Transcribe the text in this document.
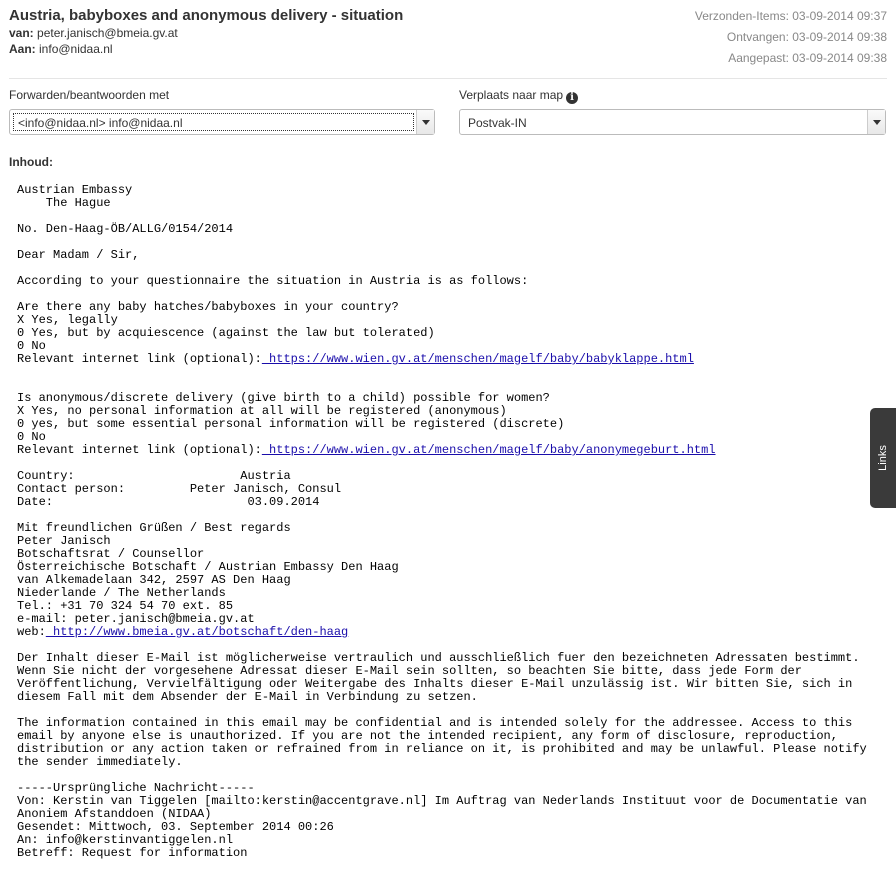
Austria, babyboxes and anonymous delivery - situation
van: peter.janisch@bmeia.gv.at
Aan: info@nidaa.nl
Verzonden-Items: 03-09-2014 09:37
Ontvangen: 03-09-2014 09:38
Aangepast: 03-09-2014 09:38
Forwarden/beantwoorden met
<info@nidaa.nl> info@nidaa.nl
Verplaats naar map i
Postvak-IN
Inhoud:
Austrian Embassy
The Hague

No. Den-Haag-ÖB/ALLG/0154/2014

Dear Madam / Sir,

According to your questionnaire the situation in Austria is as follows:

Are there any baby hatches/babyboxes in your country?
X Yes, legally
0 Yes, but by acquiescence (against the law but tolerated)
0 No
Relevant internet link (optional): https://www.wien.gv.at/menschen/magelf/baby/babyklappe.html

Is anonymous/discrete delivery (give birth to a child) possible for women?
X Yes, no personal information at all will be registered (anonymous)
0 yes, but some essential personal information will be registered (discrete)
0 No
Relevant internet link (optional): https://www.wien.gv.at/menschen/magelf/baby/anonymegeburt.html

Country:                       Austria
Contact person:         Peter Janisch, Consul
Date:                           03.09.2014

Mit freundlichen Grüßen / Best regards
Peter Janisch
Botschaftsrat / Counsellor
Österreichische Botschaft / Austrian Embassy Den Haag
van Alkemadelaan 342, 2597 AS Den Haag
Niederlande / The Netherlands
Tel.: +31 70 324 54 70 ext. 85
e-mail: peter.janisch@bmeia.gv.at
web: http://www.bmeia.gv.at/botschaft/den-haag

Der Inhalt dieser E-Mail ist möglicherweise vertraulich und ausschließlich fuer den bezeichneten Adressaten bestimmt.
Wenn Sie nicht der vorgesehene Adressat dieser E-Mail sein sollten, so beachten Sie bitte, dass jede Form der
Veröffentlichung, Vervielfältigung oder Weitergabe des Inhalts dieser E-Mail unzulässig ist. Wir bitten Sie, sich in
diesem Fall mit dem Absender der E-Mail in Verbindung zu setzen.

The information contained in this email may be confidential and is intended solely for the addressee. Access to this
email by anyone else is unauthorized. If you are not the intended recipient, any form of disclosure, reproduction,
distribution or any action taken or refrained from in reliance on it, is prohibited and may be unlawful. Please notify
the sender immediately.

-----Ursprüngliche Nachricht-----
Von: Kerstin van Tiggelen [mailto:kerstin@accentgrave.nl] Im Auftrag van Nederlands Instituut voor de Documentatie van
Anoniem Afstanddoen (NIDAA)
Gesendet: Mittwoch, 03. September 2014 00:26
An: info@kerstinvantiggelen.nl
Betreff: Request for information
Links
